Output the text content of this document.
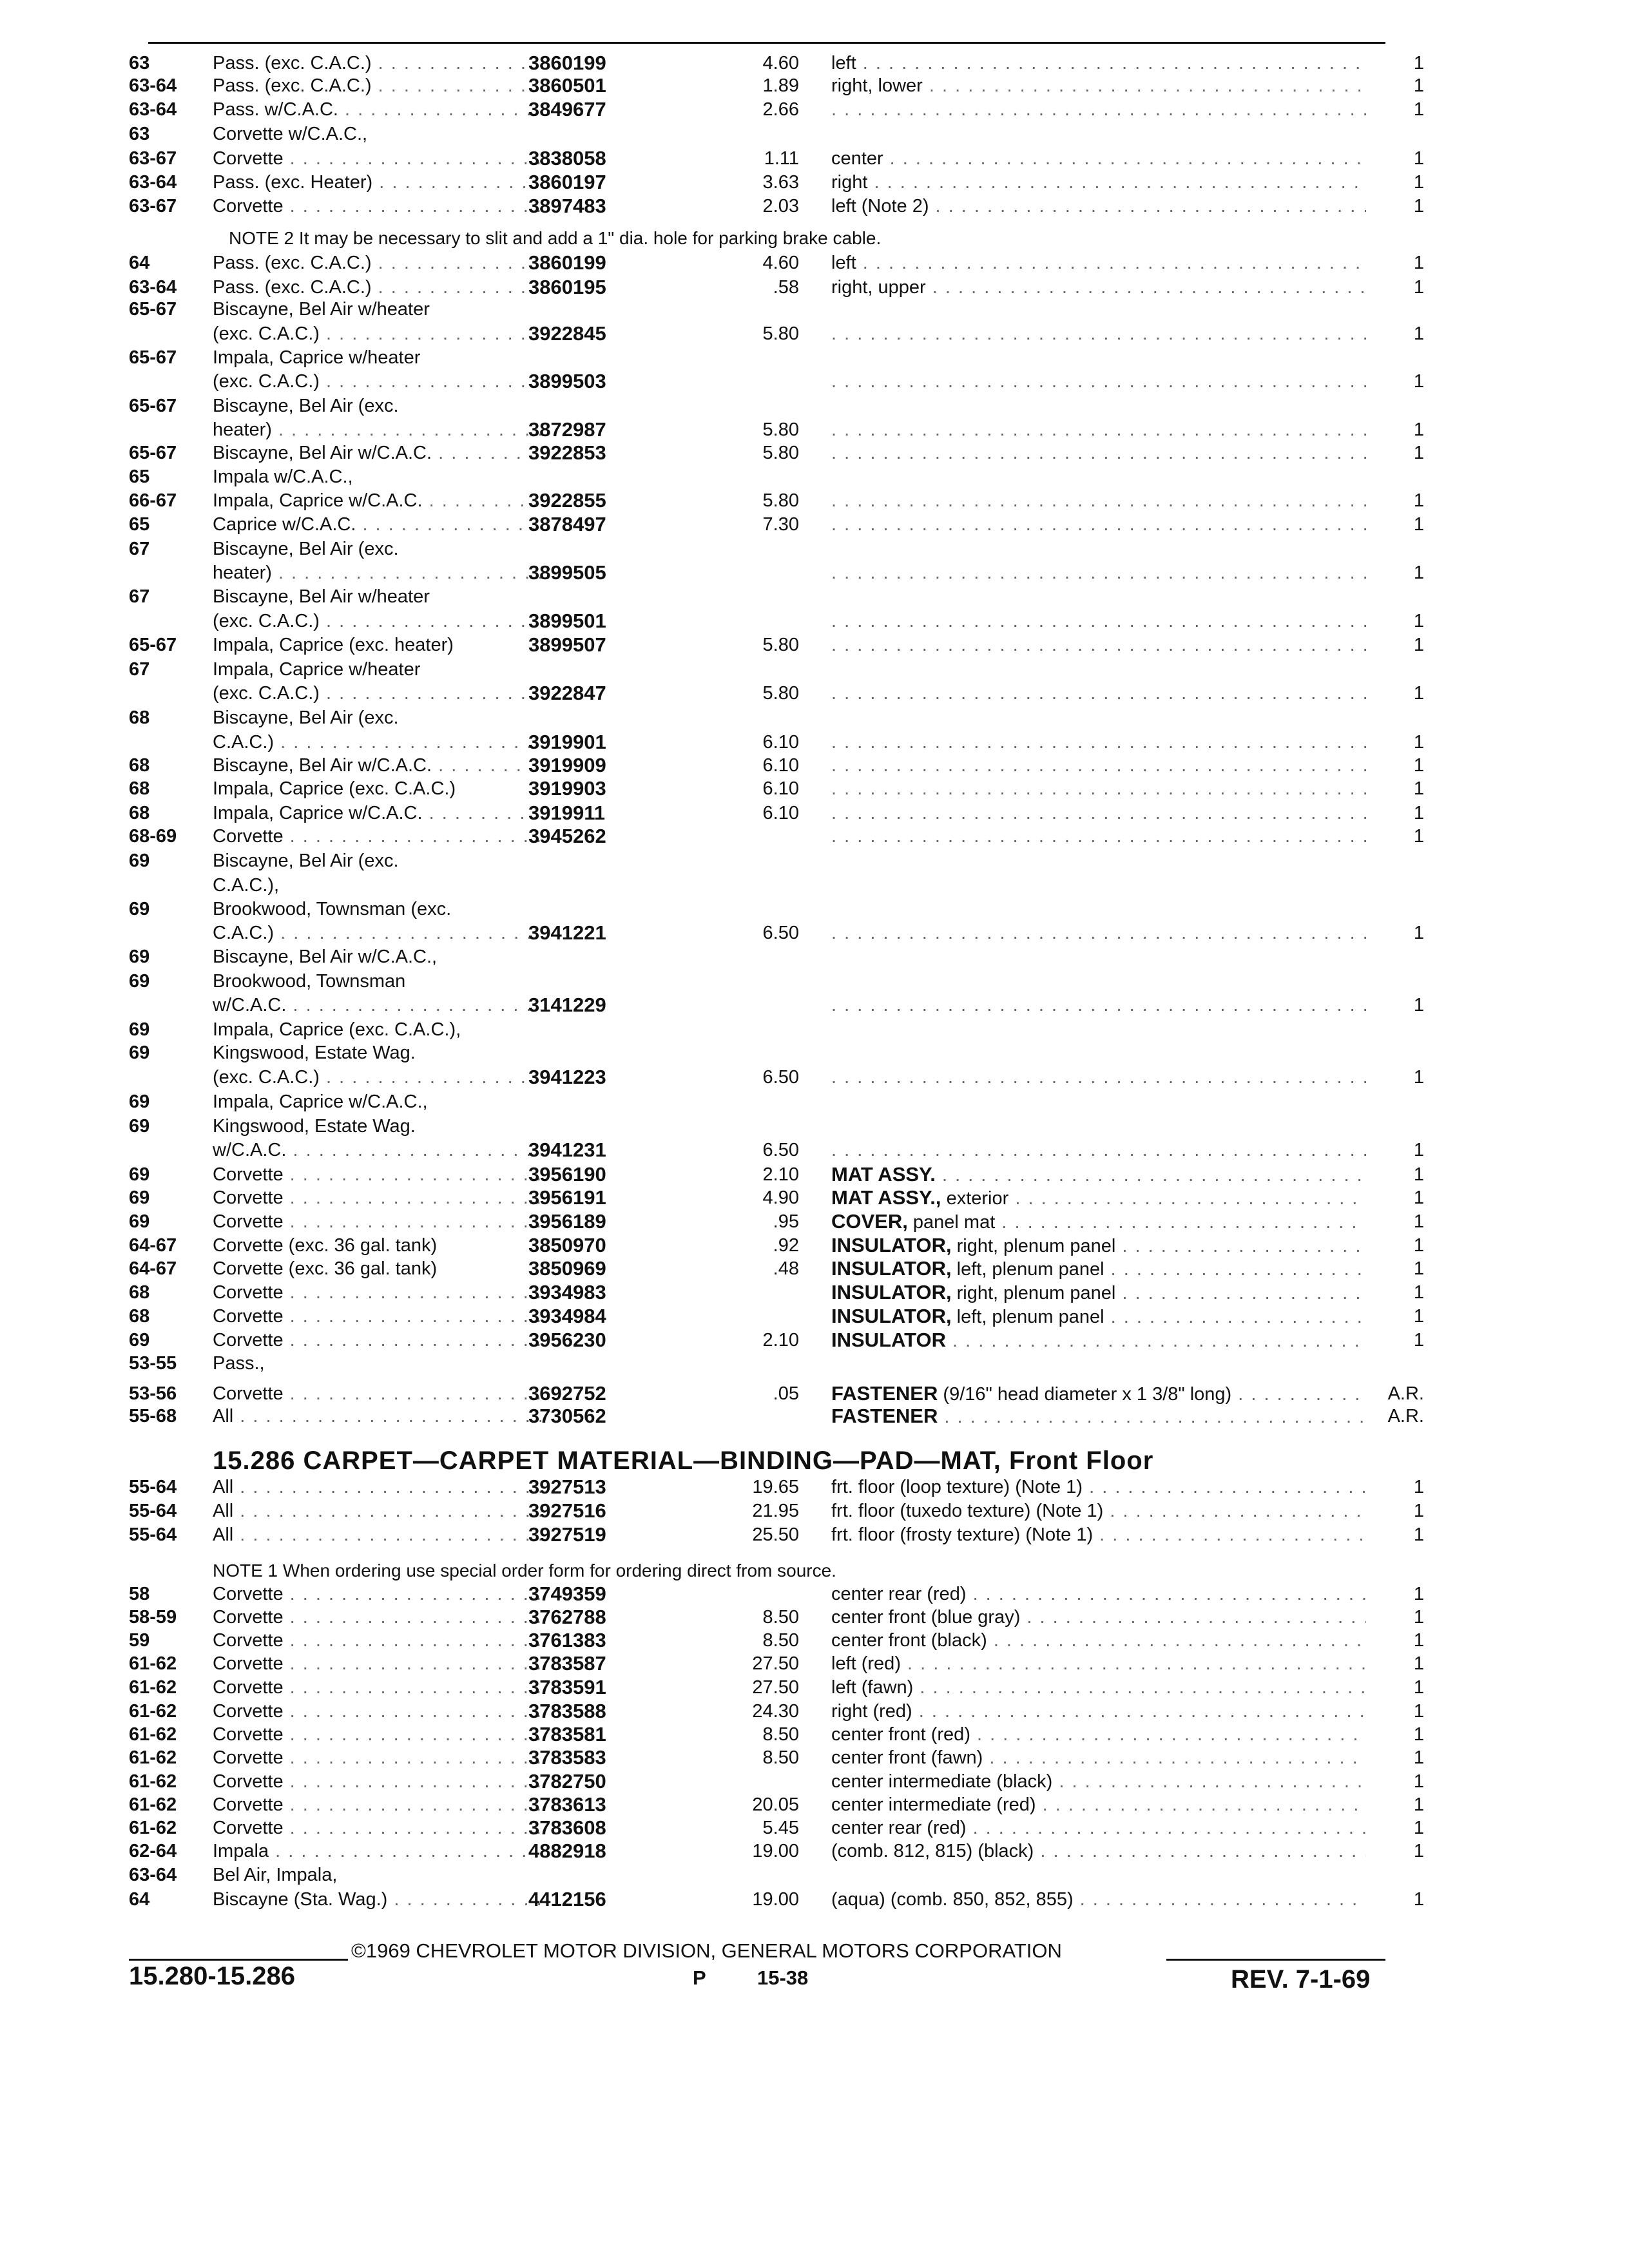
63	Pass. (exc. C.A.C.) . . .	3860199	4.60 left . . .	1
63-64 Pass. (exc. C.A.C.) . . .	3860501	1.89 right, lower . . .	1
63-64 Pass. w/C.A.C. . . .	3849677	2.66 . . .	1
63	Corvette w/C.A.C.,
63-67 Corvette . . .	3838058	1.11 center . . .	1
63-64 Pass. (exc. Heater) . . .	3860197	3.63 right . . .	1
63-67 Corvette . . .	3897483	2.03 left (Note 2) . . .	1
64	Pass. (exc. C.A.C.) . . .	3860199	4.60 left . . .	1
63-64 Pass. (exc. C.A.C.) . . .	3860195	.58 right, upper . . .	1
65-67 Biscayne, Bel Air w/heater
(exc. C.A.C.) . . .	3922845	5.80 . . .	1
65-67 Impala, Caprice w/heater
(exc. C.A.C.) . . .	3899503 . . .	1
65-67 Biscayne, Bel Air (exc.
heater) . . .	3872987	5.80 . . .	1
65-67 Biscayne, Bel Air w/C.A.C. . . .	3922853	5.80 . . .	1
65	Impala w/C.A.C.,
66-67 Impala, Caprice w/C.A.C. . . .	3922855	5.80 . . .	1
65	Caprice w/C.A.C. . . .	3878497	7.30 . . .	1
67	Biscayne, Bel Air (exc.
heater) . . .	3899505 . . .	1
67	Biscayne, Bel Air w/heater
(exc. C.A.C.) . . .	3899501 . . .	1
65-67 Impala, Caprice (exc. heater)	3899507	5.80 . . .	1
67	Impala, Caprice w/heater
(exc. C.A.C.) . . .	3922847	5.80 . . .	1
68	Biscayne, Bel Air (exc.
C.A.C.) . . .	3919901	6.10 . . .	1
68	Biscayne, Bel Air w/C.A.C. . . .	3919909	6.10 . . .	1
68	Impala, Caprice (exc. C.A.C.)	3919903	6.10 . . .	1
68	Impala, Caprice w/C.A.C. . . .	3919911	6.10 . . .	1
68-69 Corvette . . .	3945262 . . .	1
69	Biscayne, Bel Air (exc.
C.A.C.),
69	Brookwood, Townsman (exc.
C.A.C.) . . .	3941221	6.50 . . .	1
69	Biscayne, Bel Air w/C.A.C.,
69	Brookwood, Townsman
w/C.A.C. . . .	3141229 . . .	1
69	Impala, Caprice (exc. C.A.C.),
69	Kingswood, Estate Wag.
(exc. C.A.C.) . . .	3941223	6.50 . . .	1
69	Impala, Caprice w/C.A.C.,
69	Kingswood, Estate Wag.
w/C.A.C. . . .	3941231	6.50 . . .	1
69	Corvette . . .	3956190	2.10 MAT ASSY. . . .	1
69	Corvette . . .	3956191	4.90 MAT ASSY., exterior . . .	1
69	Corvette . . .	3956189	.95 COVER, panel mat . . .	1
64-67 Corvette (exc. 36 gal. tank)	3850970	.92 INSULATOR, right, plenum panel . . .	1
64-67 Corvette (exc. 36 gal. tank)	3850969	.48 INSULATOR, left, plenum panel . . .	1
68	Corvette . . .	3934983	INSULATOR, right, plenum panel . . .	1
68	Corvette . . .	3934984	INSULATOR, left, plenum panel . . .	1
69	Corvette . . .	3956230	2.10 INSULATOR . . .	1
53-55 Pass.,
53-56 Corvette . . .	3692752	.05 FASTENER (9/16" head diameter x 1 3/8" long) . . .	A.R.
55-68 All . . .	3730562	FASTENER . . .	A.R.
NOTE 2 It may be necessary to slit and add a 1" dia. hole for parking brake cable.
15.286 CARPET—CARPET MATERIAL—BINDING—PAD—MAT, Front Floor
55-64 All . . .	3927513	19.65 frt. floor (loop texture) (Note 1) . . .	1
55-64 All . . .	3927516	21.95 frt. floor (tuxedo texture) (Note 1) . . .	1
55-64 All . . .	3927519	25.50 frt. floor (frosty texture) (Note 1) . . .	1
58	Corvette . . .	3749359	center rear (red) . . .	1
58-59 Corvette . . .	3762788	8.50 center front (blue gray) . . .	1
59	Corvette . . .	3761383	8.50 center front (black) . . .	1
61-62 Corvette . . .	3783587	27.50 left (red) . . .	1
61-62 Corvette . . .	3783591	27.50 left (fawn) . . .	1
61-62 Corvette . . .	3783588	24.30 right (red) . . .	1
61-62 Corvette . . .	3783581	8.50 center front (red) . . .	1
61-62 Corvette . . .	3783583	8.50 center front (fawn) . . .	1
61-62 Corvette . . .	3782750	center intermediate (black) . . .	1
61-62 Corvette . . .	3783613	20.05 center intermediate (red) . . .	1
61-62 Corvette . . .	3783608	5.45 center rear (red) . . .	1
62-64 Impala . . .	4882918	19.00 (comb. 812, 815) (black) . . .	1
63-64 Bel Air, Impala,
64	Biscayne (Sta. Wag.) . . .	4412156	19.00 (aqua) (comb. 850, 852, 855) . . .	1
NOTE 1 When ordering use special order form for ordering direct from source.
©1969 CHEVROLET MOTOR DIVISION, GENERAL MOTORS CORPORATION
15.280-15.286	P	15-38	REV. 7-1-69
